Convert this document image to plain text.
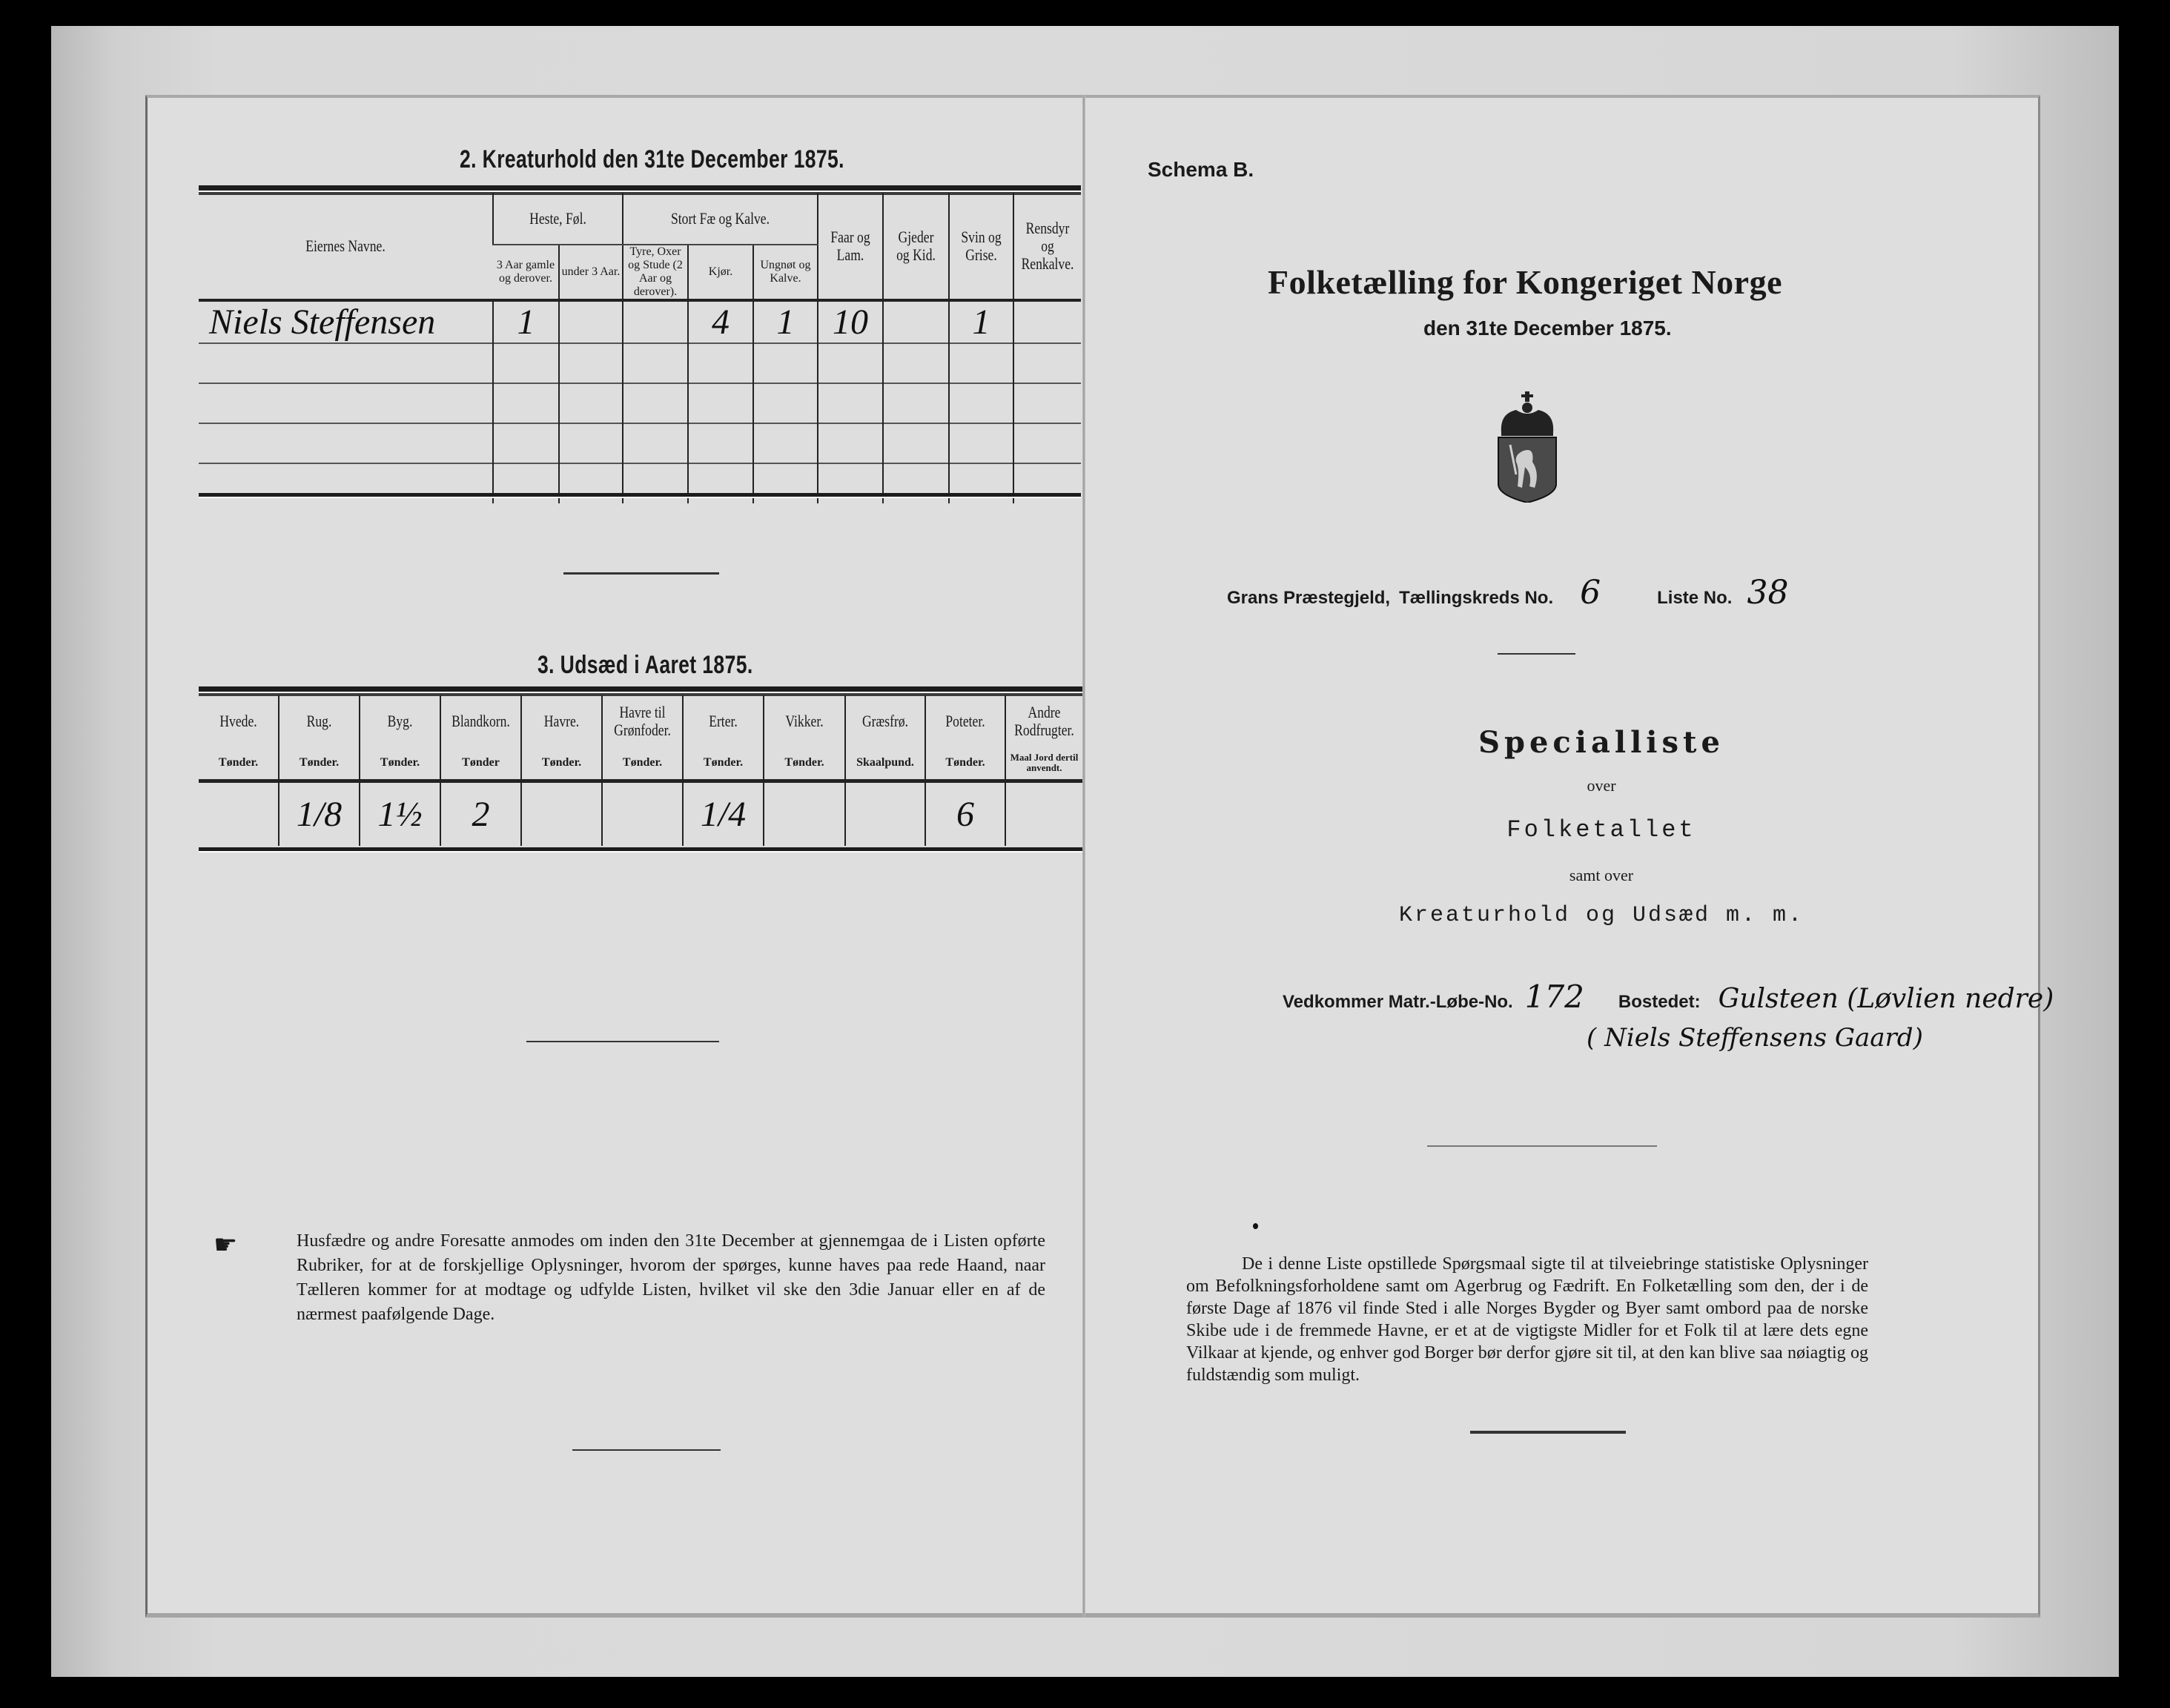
2. Kreaturhold den 31te December 1875.
Eiernes Navne.	Heste, Føl.		Stort Fæ og Kalve.			Faar og Lam.	Gjeder og Kid.	Svin og Grise.	Rensdyr og Renkalve.

	3 Aar gamle og derover.	under 3 Aar.	Tyre, Oxer og Stude (2 Aar og derover).	Kjør.	Ungnøt og Kalve.				

Niels Steffensen	1			4	1	10		1	

3. Udsæd i Aaret 1875.
Hvede.	Rug.	Byg.	Blandkorn.	Havre.	Havre til Grønfoder.	Erter.	Vikker.	Græsfrø.	Poteter.	Andre Rodfrugter.

Tønder.	Tønder.	Tønder.	Tønder	Tønder.	Tønder.	Tønder.	Tønder.	Skaalpund.	Tønder.	Maal Jord dertil anvendt.

	1/8	1½	2			1/4			6	
☛	Husfædre og andre Foresatte anmodes om inden den 31te December at gjennemgaa de i Listen opførte Rubriker, for at de forskjellige Oplysninger, hvorom der spørges, kunne haves paa rede Haand, naar Tælleren kommer for at modtage og udfylde Listen, hvilket vil ske den 3die Januar eller en af de nærmest paafølgende Dage.
Schema B.
Folketælling for Kongeriget Norge
den 31te December 1875.
Grans Præstegjeld, Tællingskreds No. 6	Liste No. 38
Specialliste
over
Folketallet
samt over
Kreaturhold og Udsæd m. m.
Vedkommer Matr.-Løbe-No. 172 Bostedet: Gulsteen (Løvlien nedre)
( Niels Steffensens Gaard)
De i denne Liste opstillede Spørgsmaal sigte til at tilveiebringe statistiske Oplysninger om Befolkningsforholdene samt om Agerbrug og Fædrift. En Folketælling som den, der i de første Dage af 1876 vil finde Sted i alle Norges Bygder og Byer samt ombord paa de norske Skibe ude i de fremmede Havne, er et at de vigtigste Midler for et Folk til at lære dets egne Vilkaar at kjende, og enhver god Borger bør derfor gjøre sit til, at den kan blive saa nøiagtig og fuldstændig som muligt.
